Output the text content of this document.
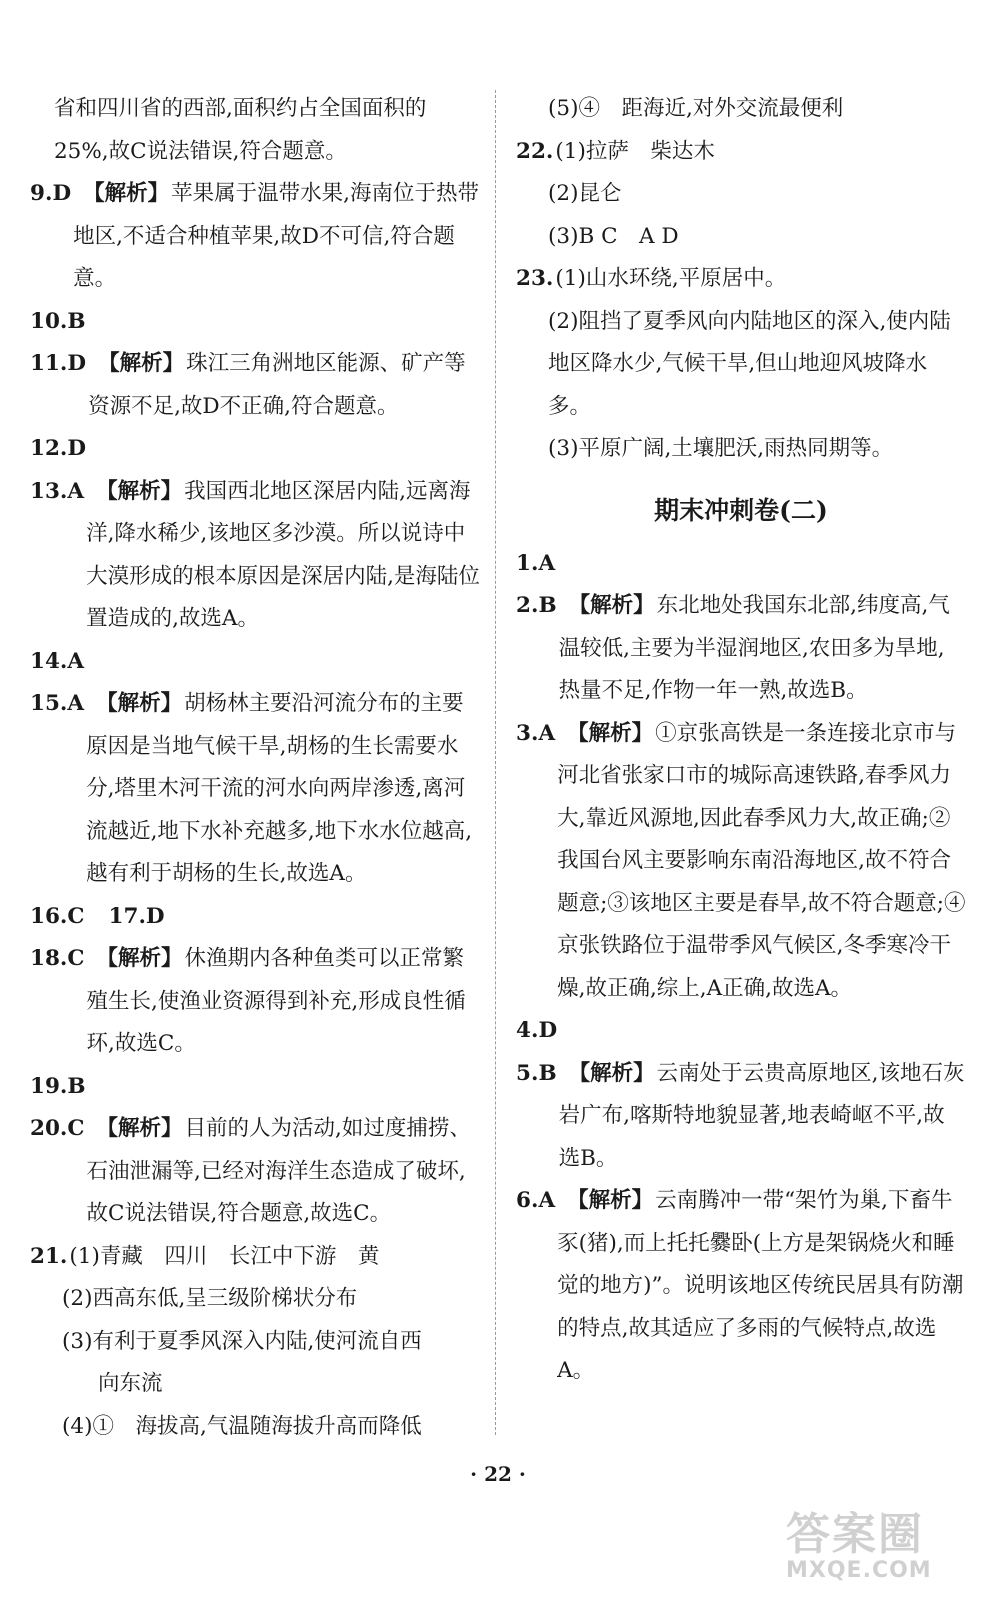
省和四川省的西部,面积约占全国面积的25%,故C说法错误,符合题意。
9.D 【解析】苹果属于温带水果,海南位于热带地区,不适合种植苹果,故D不可信,符合题意。
10.B
11.D 【解析】珠江三角洲地区能源、矿产等资源不足,故D不正确,符合题意。
12.D
13.A 【解析】我国西北地区深居内陆,远离海洋,降水稀少,该地区多沙漠。所以说诗中大漠形成的根本原因是深居内陆,是海陆位置造成的,故选A。
14.A
15.A 【解析】胡杨林主要沿河流分布的主要原因是当地气候干旱,胡杨的生长需要水分,塔里木河干流的河水向两岸渗透,离河流越近,地下水补充越多,地下水水位越高,越有利于胡杨的生长,故选A。
16.C	17.D
18.C 【解析】休渔期内各种鱼类可以正常繁殖生长,使渔业资源得到补充,形成良性循环,故选C。
19.B
20.C 【解析】目前的人为活动,如过度捕捞、石油泄漏等,已经对海洋生态造成了破坏,故C说法错误,符合题意,故选C。
21. (1)青藏　四川　长江中下游　黄
(2)西高东低,呈三级阶梯状分布
(3)有利于夏季风深入内陆,使河流自西
向东流
(4)①　海拔高,气温随海拔升高而降低
(5)④　距海近,对外交流最便利
22. (1)拉萨　柴达木
(2)昆仑
(3)B C　A D
23. (1)山水环绕,平原居中。
(2)阻挡了夏季风向内陆地区的深入,使内陆地区降水少,气候干旱,但山地迎风坡降水多。
(3)平原广阔,土壤肥沃,雨热同期等。
期末冲刺卷(二)
1.A
2.B 【解析】东北地处我国东北部,纬度高,气温较低,主要为半湿润地区,农田多为旱地,热量不足,作物一年一熟,故选B。
3.A 【解析】①京张高铁是一条连接北京市与河北省张家口市的城际高速铁路,春季风力大,靠近风源地,因此春季风力大,故正确;②我国台风主要影响东南沿海地区,故不符合题意;③该地区主要是春旱,故不符合题意;④京张铁路位于温带季风气候区,冬季寒冷干燥,故正确,综上,A正确,故选A。
4.D
5.B 【解析】云南处于云贵高原地区,该地石灰岩广布,喀斯特地貌显著,地表崎岖不平,故选B。
6.A 【解析】云南腾冲一带“架竹为巢,下畜牛豕(猪),而上托托爨卧(上方是架锅烧火和睡觉的地方)”。说明该地区传统民居具有防潮的特点,故其适应了多雨的气候特点,故选A。
· 22 ·
答案圈
MXQE.COM
